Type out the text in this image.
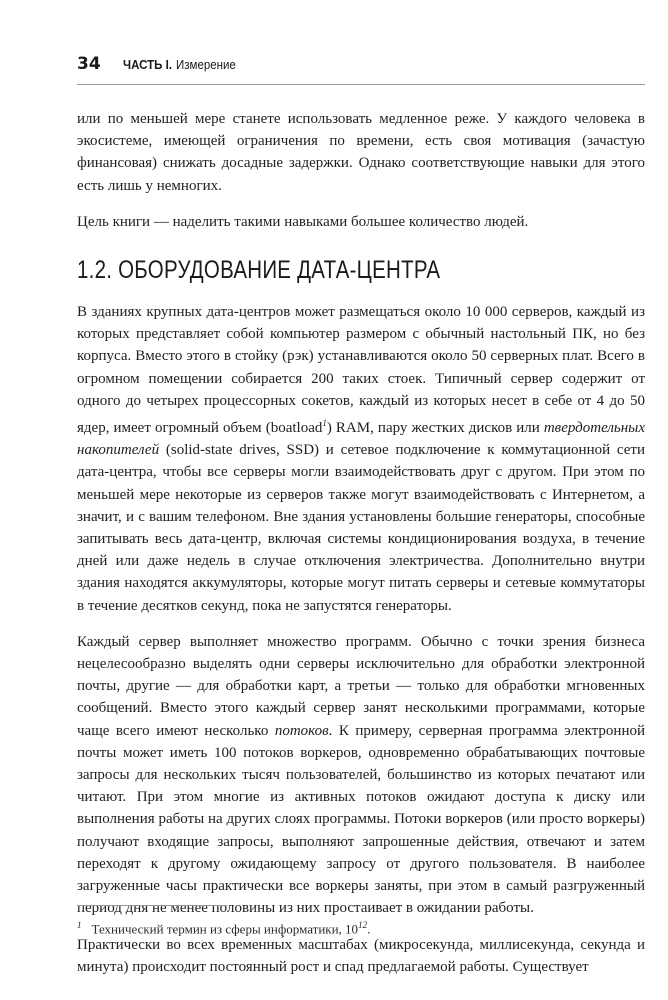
34 ЧАСТЬ I. Измерение

или по меньшей мере станете использовать медленное реже. У каждого человека в экосистеме, имеющей ограничения по времени, есть своя мотивация (зачастую финансовая) снижать досадные задержки. Однако соответствующие навыки для этого есть лишь у немногих.

Цель книги — наделить такими навыками большее количество людей.

1.2. ОБОРУДОВАНИЕ ДАТА-ЦЕНТРА

В зданиях крупных дата-центров может размещаться около 10 000 серверов, каждый из которых представляет собой компьютер размером с обычный настольный ПК, но без корпуса. Вместо этого в стойку (рэк) устанавливаются около 50 серверных плат. Всего в огромном помещении собирается 200 таких стоек. Типичный сервер содержит от одного до четырех процессорных сокетов, каждый из которых несет в себе от 4 до 50 ядер, имеет огромный объем (boatload$^1$) RAM, пару жестких дисков или твердотельных накопителей (solid-state drives, SSD) и сетевое подключение к коммутационной сети дата-центра, чтобы все серверы могли взаимодействовать друг с другом. При этом по меньшей мере некоторые из серверов также могут взаимодействовать с Интернетом, а значит, и с вашим телефоном. Вне здания установлены большие генераторы, способные запитывать весь дата-центр, включая системы кондиционирования воздуха, в течение дней или даже недель в случае отключения электричества. Дополнительно внутри здания находятся аккумуляторы, которые могут питать серверы и сетевые коммутаторы в течение десятков секунд, пока не запустятся генераторы.

Каждый сервер выполняет множество программ. Обычно с точки зрения бизнеса нецелесообразно выделять одни серверы исключительно для обработки электронной почты, другие — для обработки карт, а третьи — только для обработки мгновенных сообщений. Вместо этого каждый сервер занят несколькими программами, которые чаще всего имеют несколько потоков. К примеру, серверная программа электронной почты может иметь 100 потоков воркеров, одновременно обрабатывающих почтовые запросы для нескольких тысяч пользователей, большинство из которых печатают или читают. При этом многие из активных потоков ожидают доступа к диску или выполнения работы на других слоях программы. Потоки воркеров (или просто воркеры) получают входящие запросы, выполняют запрошенные действия, отвечают и затем переходят к другому ожидающему запросу от другого пользователя. В наиболее загруженные часы практически все воркеры заняты, при этом в самый разгруженный период дня не менее половины из них простаивает в ожидании работы.

Практически во всех временны́х масштабах (микросекунда, миллисекунда, секунда и минута) происходит постоянный рост и спад предлагаемой работы. Существует

$^1$ Технический термин из сферы информатики, $10^{12}$.
